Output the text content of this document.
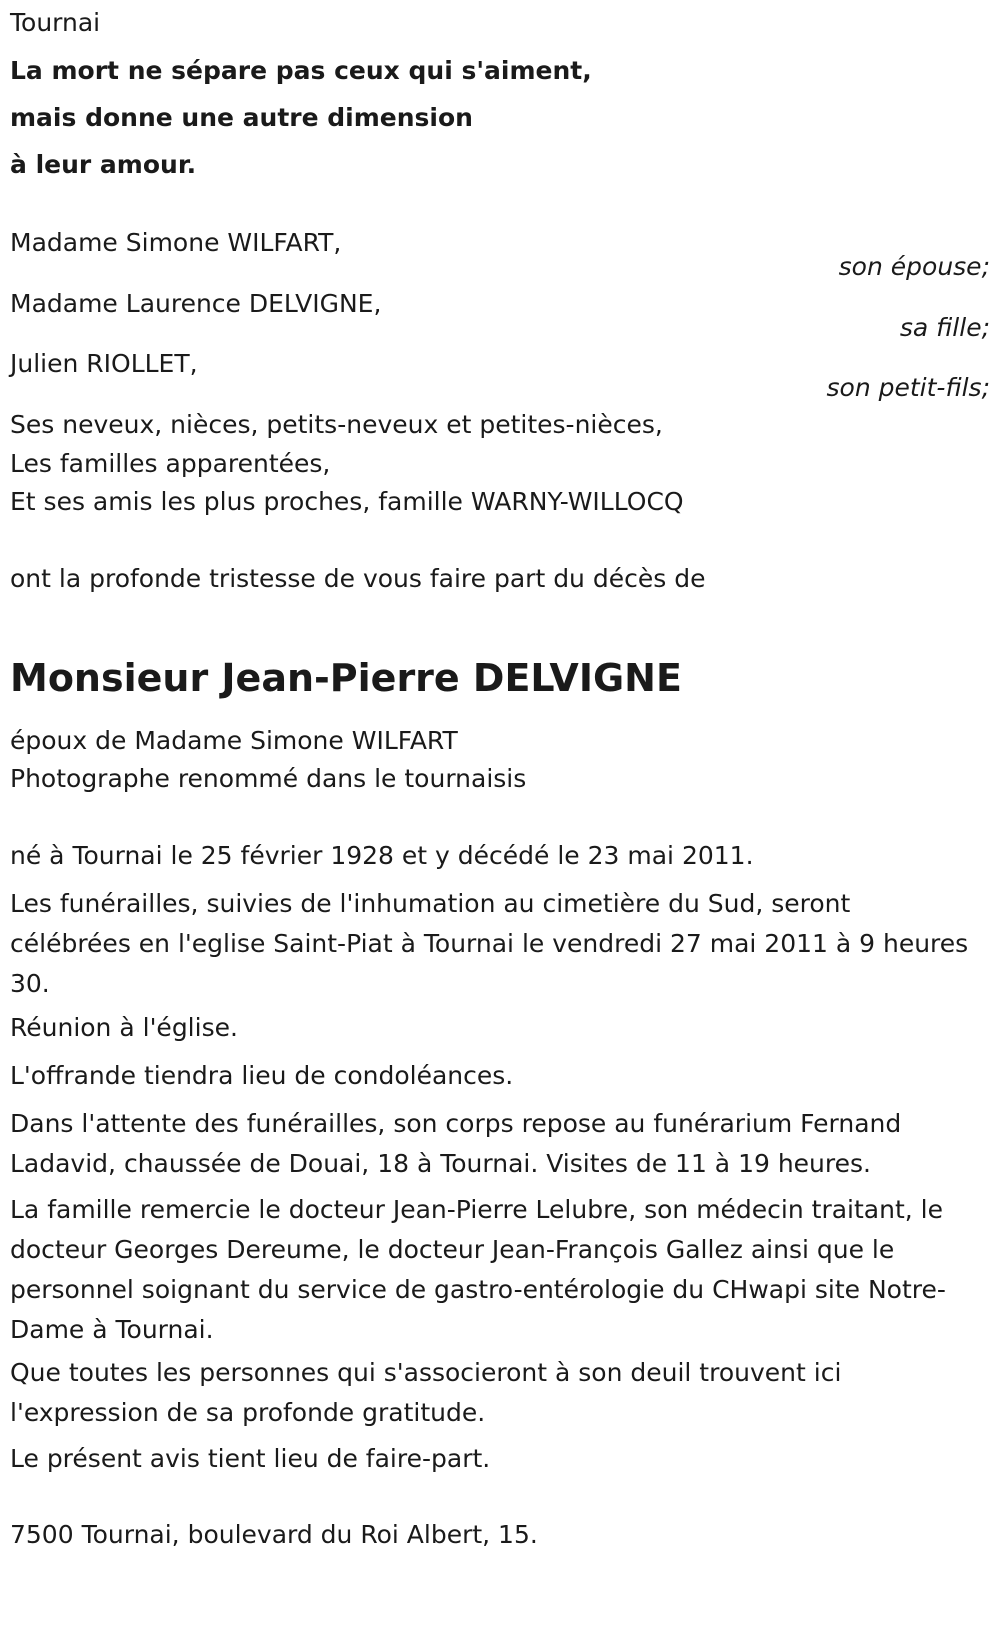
Tournai
La mort ne sépare pas ceux qui s'aiment,
mais donne une autre dimension
à leur amour.
Madame Simone WILFART,
son épouse;
Madame Laurence DELVIGNE,
sa fille;
Julien RIOLLET,
son petit-fils;
Ses neveux, nièces, petits-neveux et petites-nièces,
Les familles apparentées,
Et ses amis les plus proches, famille WARNY-WILLOCQ
ont la profonde tristesse de vous faire part du décès de
Monsieur Jean-Pierre DELVIGNE
époux de Madame Simone WILFART
Photographe renommé dans le tournaisis
né à Tournai le 25 février 1928 et y décédé le 23 mai 2011.
Les funérailles, suivies de l'inhumation au cimetière du Sud, seront célébrées en l'eglise Saint-Piat à Tournai le vendredi 27 mai 2011 à 9 heures 30.
Réunion à l'église.
L'offrande tiendra lieu de condoléances.
Dans l'attente des funérailles, son corps repose au funérarium Fernand Ladavid, chaussée de Douai, 18 à Tournai. Visites de 11 à 19 heures.
La famille remercie le docteur Jean-Pierre Lelubre, son médecin traitant, le docteur Georges Dereume, le docteur Jean-François Gallez ainsi que le personnel soignant du service de gastro-entérologie du CHwapi site Notre-Dame à Tournai.
Que toutes les personnes qui s'associeront à son deuil trouvent ici l'expression de sa profonde gratitude.
Le présent avis tient lieu de faire-part.
7500 Tournai, boulevard du Roi Albert, 15.
